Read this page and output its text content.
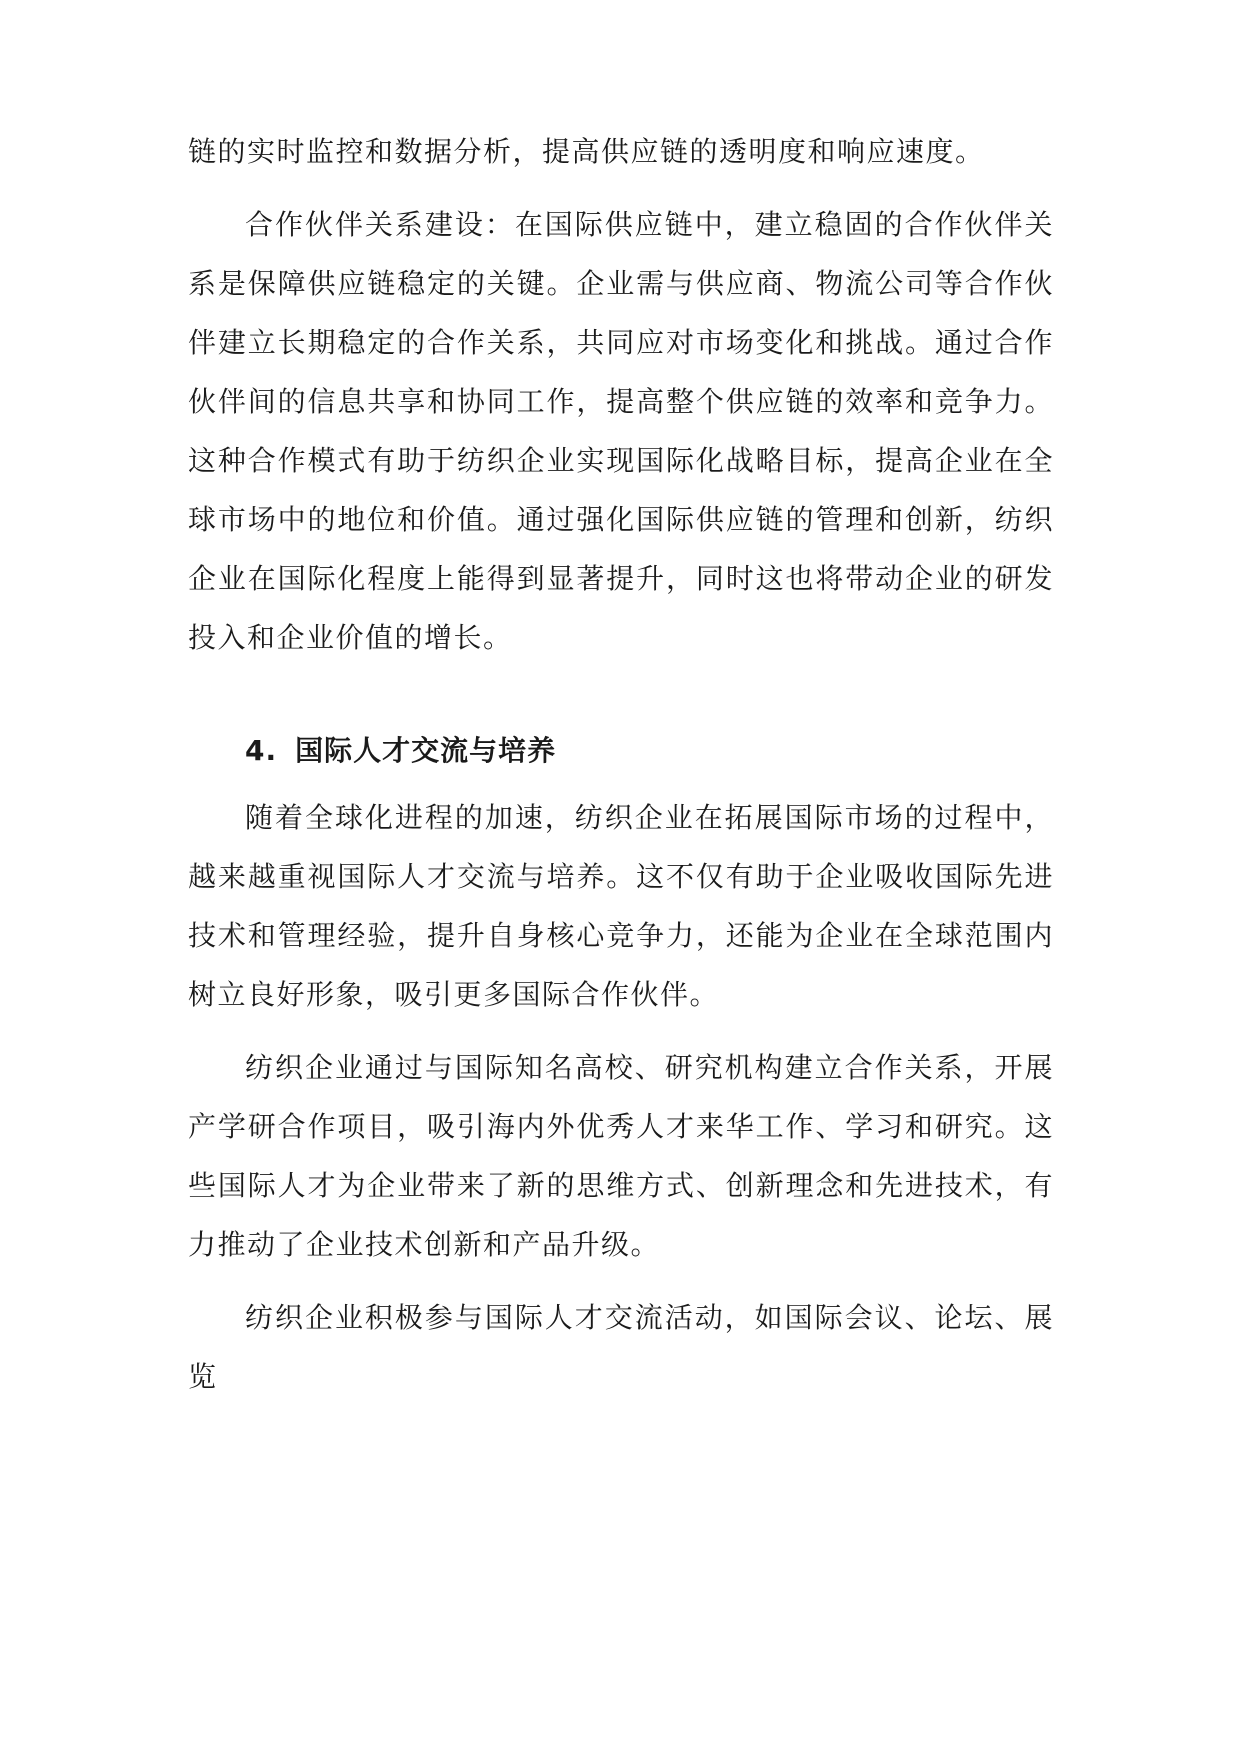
链的实时监控和数据分析，提高供应链的透明度和响应速度。

合作伙伴关系建设：在国际供应链中，建立稳固的合作伙伴关系是保障供应链稳定的关键。企业需与供应商、物流公司等合作伙伴建立长期稳定的合作关系，共同应对市场变化和挑战。通过合作伙伴间的信息共享和协同工作，提高整个供应链的效率和竞争力。这种合作模式有助于纺织企业实现国际化战略目标，提高企业在全球市场中的地位和价值。通过强化国际供应链的管理和创新，纺织企业在国际化程度上能得到显著提升，同时这也将带动企业的研发投入和企业价值的增长。

4. 国际人才交流与培养

随着全球化进程的加速，纺织企业在拓展国际市场的过程中，越来越重视国际人才交流与培养。这不仅有助于企业吸收国际先进技术和管理经验，提升自身核心竞争力，还能为企业在全球范围内树立良好形象，吸引更多国际合作伙伴。

纺织企业通过与国际知名高校、研究机构建立合作关系，开展产学研合作项目，吸引海内外优秀人才来华工作、学习和研究。这些国际人才为企业带来了新的思维方式、创新理念和先进技术，有力推动了企业技术创新和产品升级。

纺织企业积极参与国际人才交流活动，如国际会议、论坛、展览
